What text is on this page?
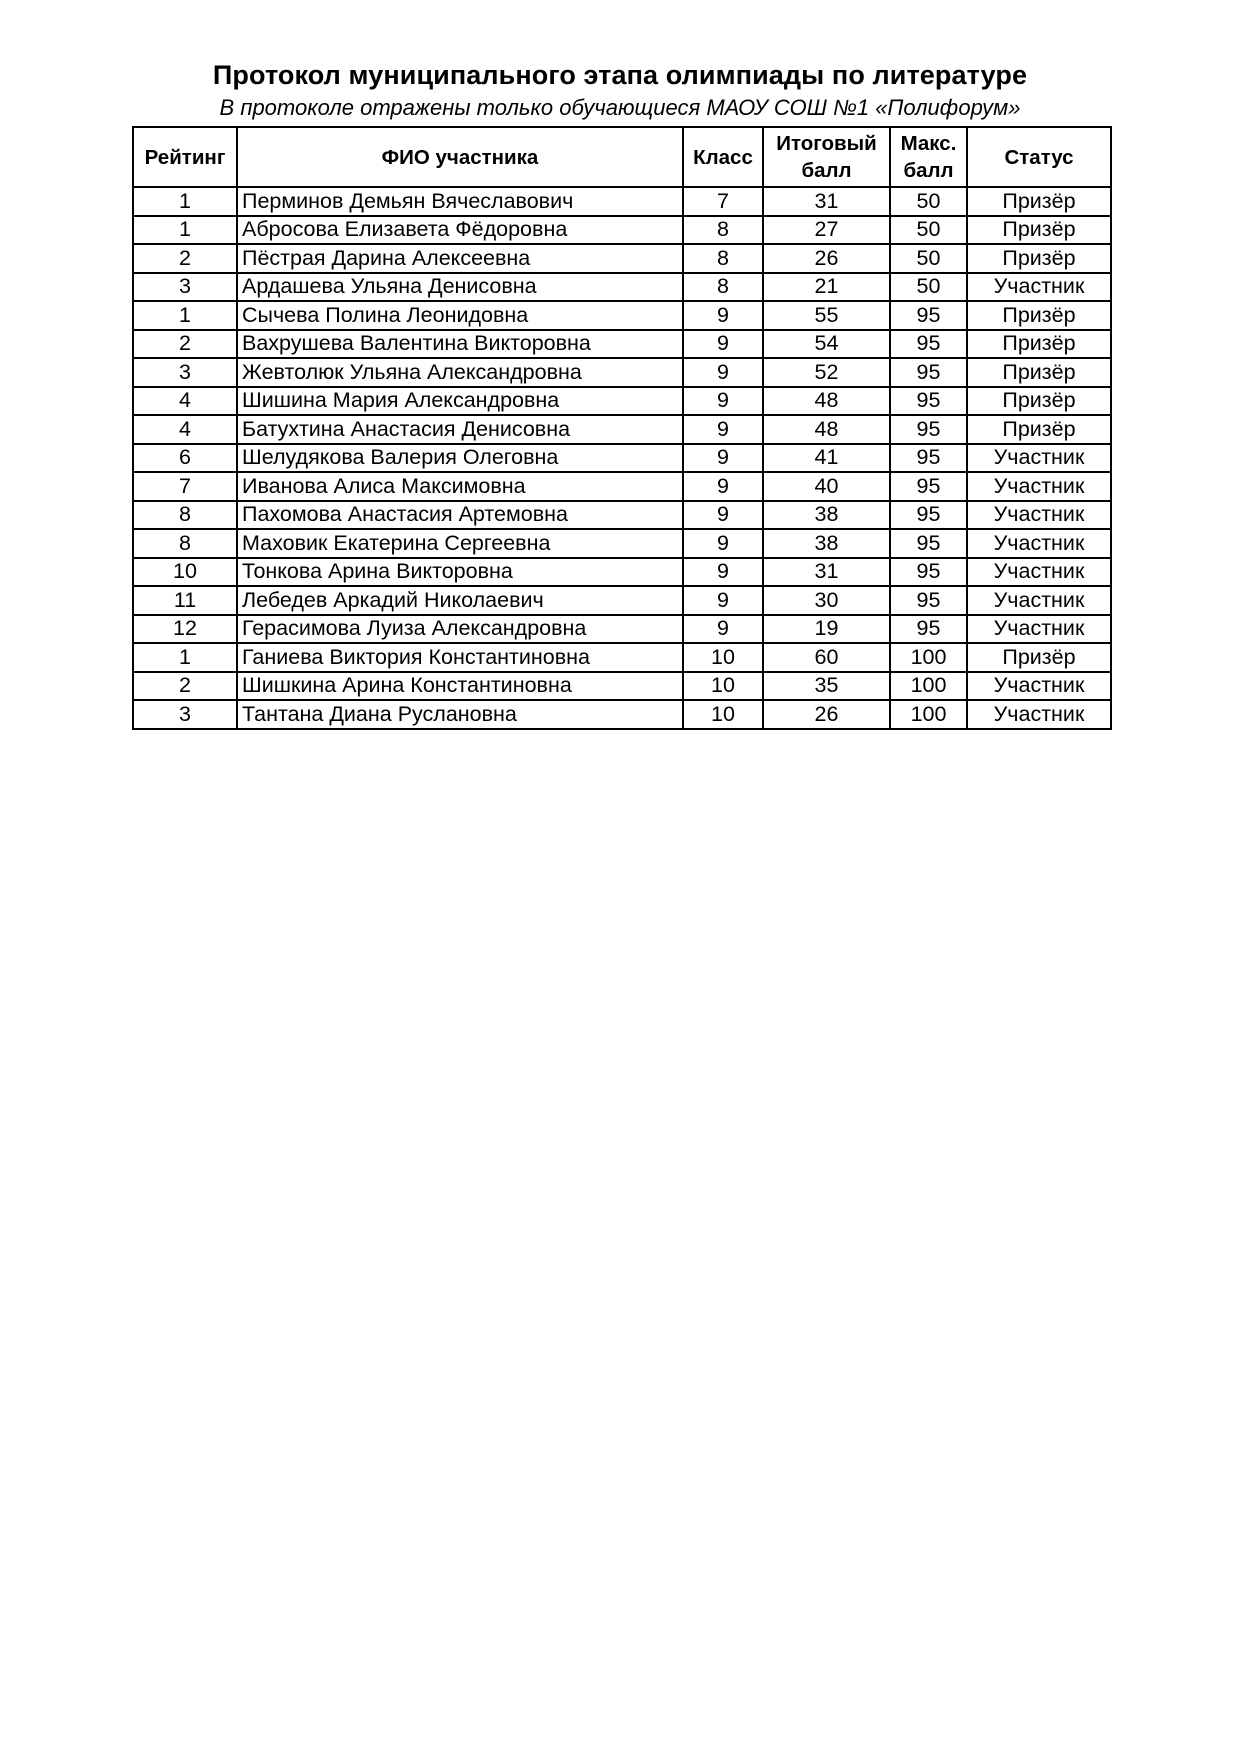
Протокол муниципального этапа олимпиады по литературе
В протоколе отражены только обучающиеся МАОУ СОШ №1 «Полифорум»
Рейтинг	ФИО участника	Класс	Итоговый балл	Макс. балл	Статус
1	Перминов Демьян Вячеславович	7	31	50	Призёр
1	Абросова Елизавета Фёдоровна	8	27	50	Призёр
2	Пёстрая Дарина Алексеевна	8	26	50	Призёр
3	Ардашева Ульяна Денисовна	8	21	50	Участник
1	Сычева Полина Леонидовна	9	55	95	Призёр
2	Вахрушева Валентина Викторовна	9	54	95	Призёр
3	Жевтолюк Ульяна Александровна	9	52	95	Призёр
4	Шишина Мария Александровна	9	48	95	Призёр
4	Батухтина Анастасия Денисовна	9	48	95	Призёр
6	Шелудякова Валерия Олеговна	9	41	95	Участник
7	Иванова Алиса Максимовна	9	40	95	Участник
8	Пахомова Анастасия Артемовна	9	38	95	Участник
8	Маховик Екатерина Сергеевна	9	38	95	Участник
10	Тонкова Арина Викторовна	9	31	95	Участник
11	Лебедев Аркадий Николаевич	9	30	95	Участник
12	Герасимова Луиза Александровна	9	19	95	Участник
1	Ганиева Виктория Константиновна	10	60	100	Призёр
2	Шишкина Арина Константиновна	10	35	100	Участник
3	Тантана Диана Руслановна	10	26	100	Участник
